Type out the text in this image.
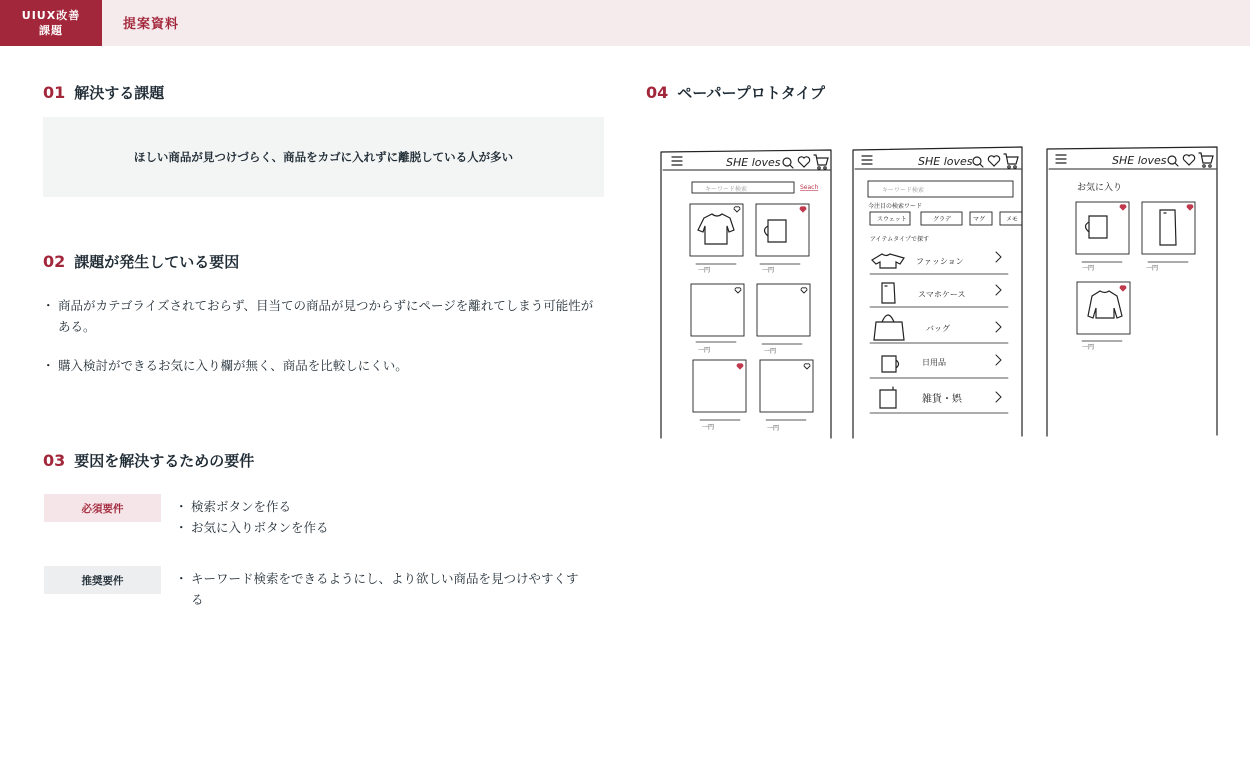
UIUX改善
課題	提案資料
01 解決する課題
ほしい商品が見つけづらく、商品をカゴに入れずに離脱している人が多い
02 課題が発生している要因
・ 商品がカテゴライズされておらず、目当ての商品が見つからずにページを離れてしまう可能性がある。
・ 購入検討ができるお気に入り欄が無く、商品を比較しにくい。
03 要因を解決するための要件
必須要件	・ 検索ボタンを作る
・ お気に入りボタンを作る
推奨要件	・ キーワード検索をできるようにし、より欲しい商品を見つけやすくする
04 ペーパープロトタイプ
SHE loves
キーワード検索	Seach
一円	一円
一円	一円
一円	一円
SHE loves
キーワード検索
今注目の検索ワード
スウェット	グラデ	マグ	メモ
アイテムタイプで探す
ファッション
スマホケース
バッグ
日用品
雑貨・娯
SHE loves
お気に入り
一円	一円
一円
